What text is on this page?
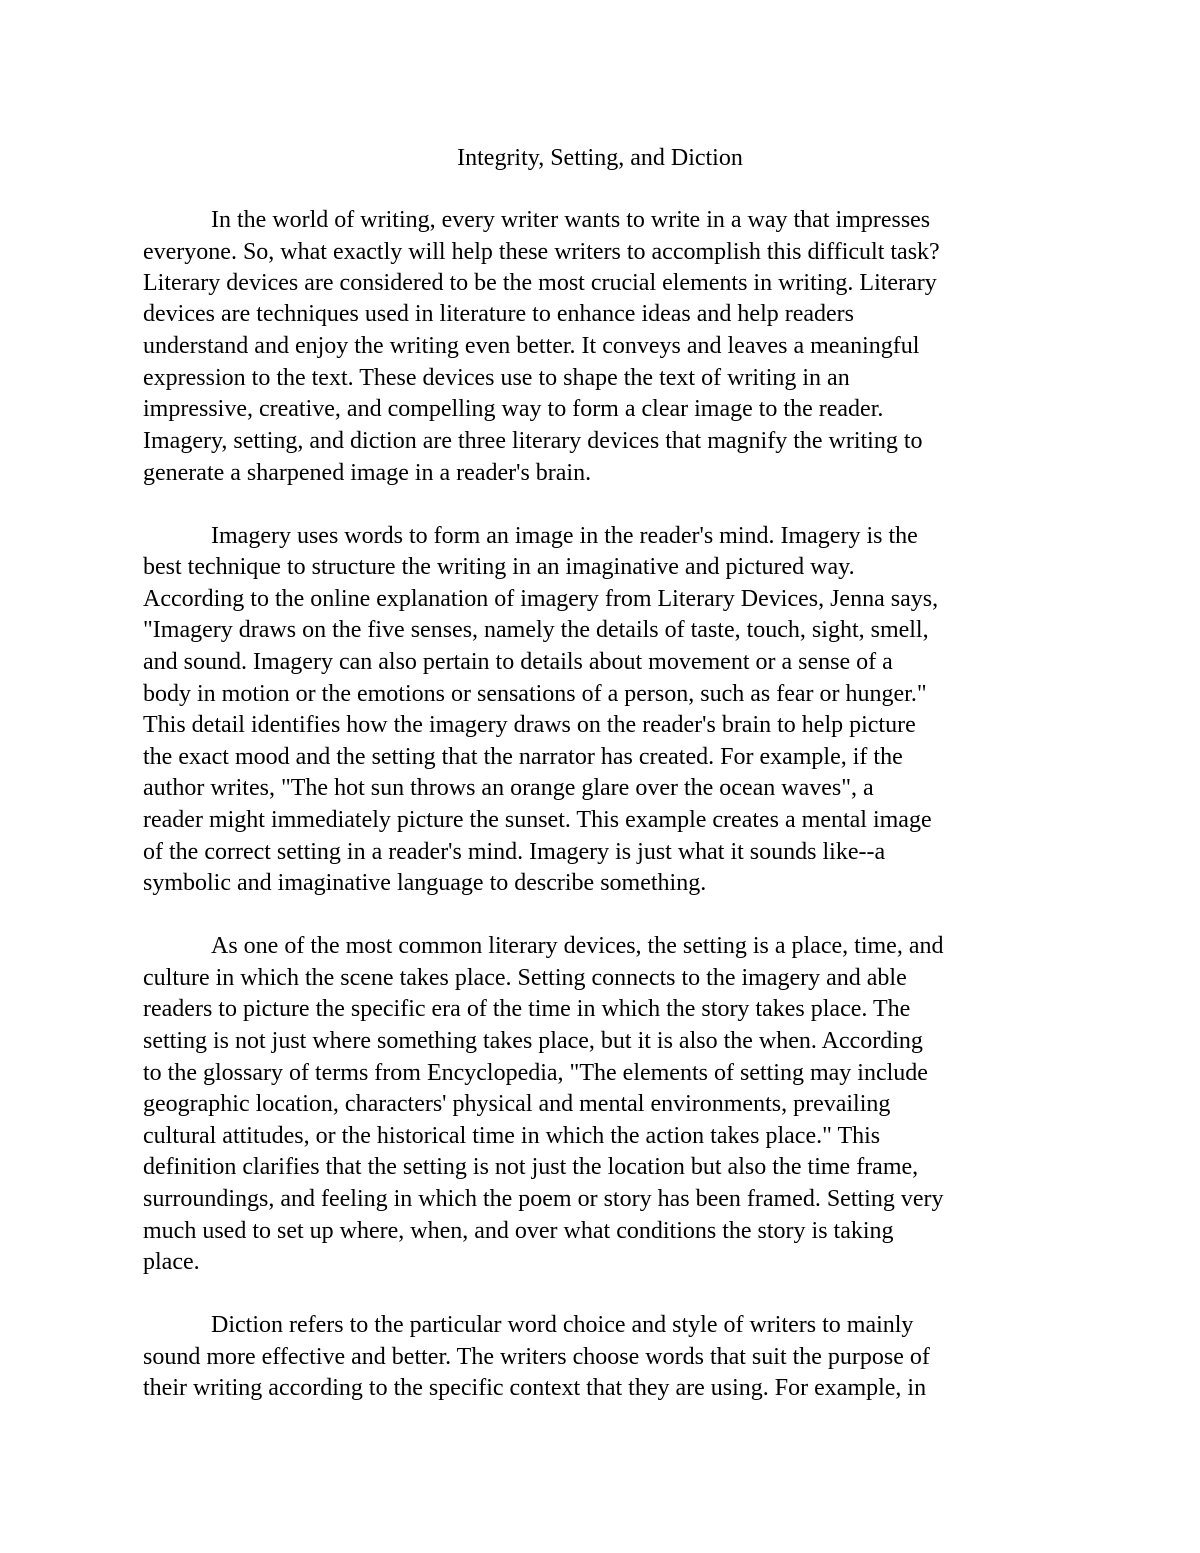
Integrity, Setting, and Diction
In the world of writing, every writer wants to write in a way that impresses
everyone. So, what exactly will help these writers to accomplish this difficult task?
Literary devices are considered to be the most crucial elements in writing. Literary
devices are techniques used in literature to enhance ideas and help readers
understand and enjoy the writing even better. It conveys and leaves a meaningful
expression to the text. These devices use to shape the text of writing in an
impressive, creative, and compelling way to form a clear image to the reader.
Imagery, setting, and diction are three literary devices that magnify the writing to
generate a sharpened image in a reader's brain.
Imagery uses words to form an image in the reader's mind. Imagery is the
best technique to structure the writing in an imaginative and pictured way.
According to the online explanation of imagery from Literary Devices, Jenna says,
"Imagery draws on the five senses, namely the details of taste, touch, sight, smell,
and sound. Imagery can also pertain to details about movement or a sense of a
body in motion or the emotions or sensations of a person, such as fear or hunger."
This detail identifies how the imagery draws on the reader's brain to help picture
the exact mood and the setting that the narrator has created. For example, if the
author writes, "The hot sun throws an orange glare over the ocean waves", a
reader might immediately picture the sunset. This example creates a mental image
of the correct setting in a reader's mind. Imagery is just what it sounds like--a
symbolic and imaginative language to describe something.
As one of the most common literary devices, the setting is a place, time, and
culture in which the scene takes place. Setting connects to the imagery and able
readers to picture the specific era of the time in which the story takes place. The
setting is not just where something takes place, but it is also the when. According
to the glossary of terms from Encyclopedia, "The elements of setting may include
geographic location, characters' physical and mental environments, prevailing
cultural attitudes, or the historical time in which the action takes place." This
definition clarifies that the setting is not just the location but also the time frame,
surroundings, and feeling in which the poem or story has been framed. Setting very
much used to set up where, when, and over what conditions the story is taking
place.
Diction refers to the particular word choice and style of writers to mainly
sound more effective and better. The writers choose words that suit the purpose of
their writing according to the specific context that they are using. For example, in
